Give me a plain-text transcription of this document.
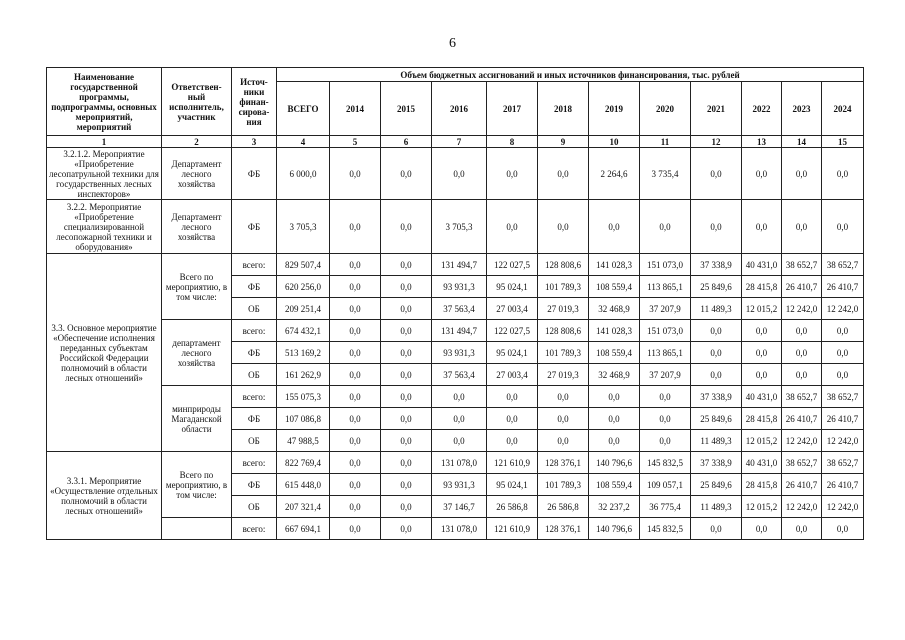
6
Наименование государственной программы, подпрограммы, основных мероприятий, мероприятий	Ответствен-ный исполнитель, участник	Источ-ники финан-сирова-ния	Объем бюджетных ассигнований и иных источников финансирования, тыс. рублей											
			ВСЕГО	2014	2015	2016	2017	2018	2019	2020	2021	2022	2023	2024
1	2	3	4	5	6	7	8	9	10	11	12	13	14	15
3.2.1.2. Мероприятие «Приобретение лесопатрульной техники для государственных лесных инспекторов»	Департамент лесного хозяйства	ФБ	6 000,0	0,0	0,0	0,0	0,0	0,0	2 264,6	3 735,4	0,0	0,0	0,0	0,0
3.2.2. Мероприятие «Приобретение специализированной лесопожарной техники и оборудования»	Департамент лесного хозяйства	ФБ	3 705,3	0,0	0,0	3 705,3	0,0	0,0	0,0	0,0	0,0	0,0	0,0	0,0
3.3. Основное мероприятие «Обеспечение исполнения переданных субъектам Российской Федерации полномочий в области лесных отношений»	Всего по мероприятию, в том числе:	всего:	829 507,4	0,0	0,0	131 494,7	122 027,5	128 808,6	141 028,3	151 073,0	37 338,9	40 431,0	38 652,7	38 652,7
		ФБ	620 256,0	0,0	0,0	93 931,3	95 024,1	101 789,3	108 559,4	113 865,1	25 849,6	28 415,8	26 410,7	26 410,7
		ОБ	209 251,4	0,0	0,0	37 563,4	27 003,4	27 019,3	32 468,9	37 207,9	11 489,3	12 015,2	12 242,0	12 242,0
	департамент лесного хозяйства	всего:	674 432,1	0,0	0,0	131 494,7	122 027,5	128 808,6	141 028,3	151 073,0	0,0	0,0	0,0	0,0
		ФБ	513 169,2	0,0	0,0	93 931,3	95 024,1	101 789,3	108 559,4	113 865,1	0,0	0,0	0,0	0,0
		ОБ	161 262,9	0,0	0,0	37 563,4	27 003,4	27 019,3	32 468,9	37 207,9	0,0	0,0	0,0	0,0
	минприроды Магаданской области	всего:	155 075,3	0,0	0,0	0,0	0,0	0,0	0,0	0,0	37 338,9	40 431,0	38 652,7	38 652,7
		ФБ	107 086,8	0,0	0,0	0,0	0,0	0,0	0,0	0,0	25 849,6	28 415,8	26 410,7	26 410,7
		ОБ	47 988,5	0,0	0,0	0,0	0,0	0,0	0,0	0,0	11 489,3	12 015,2	12 242,0	12 242,0
3.3.1. Мероприятие «Осуществление отдельных полномочий в области лесных отношений»	Всего по мероприятию, в том числе:	всего:	822 769,4	0,0	0,0	131 078,0	121 610,9	128 376,1	140 796,6	145 832,5	37 338,9	40 431,0	38 652,7	38 652,7
		ФБ	615 448,0	0,0	0,0	93 931,3	95 024,1	101 789,3	108 559,4	109 057,1	25 849,6	28 415,8	26 410,7	26 410,7
		ОБ	207 321,4	0,0	0,0	37 146,7	26 586,8	26 586,8	32 237,2	36 775,4	11 489,3	12 015,2	12 242,0	12 242,0
		всего:	667 694,1	0,0	0,0	131 078,0	121 610,9	128 376,1	140 796,6	145 832,5	0,0	0,0	0,0	0,0
